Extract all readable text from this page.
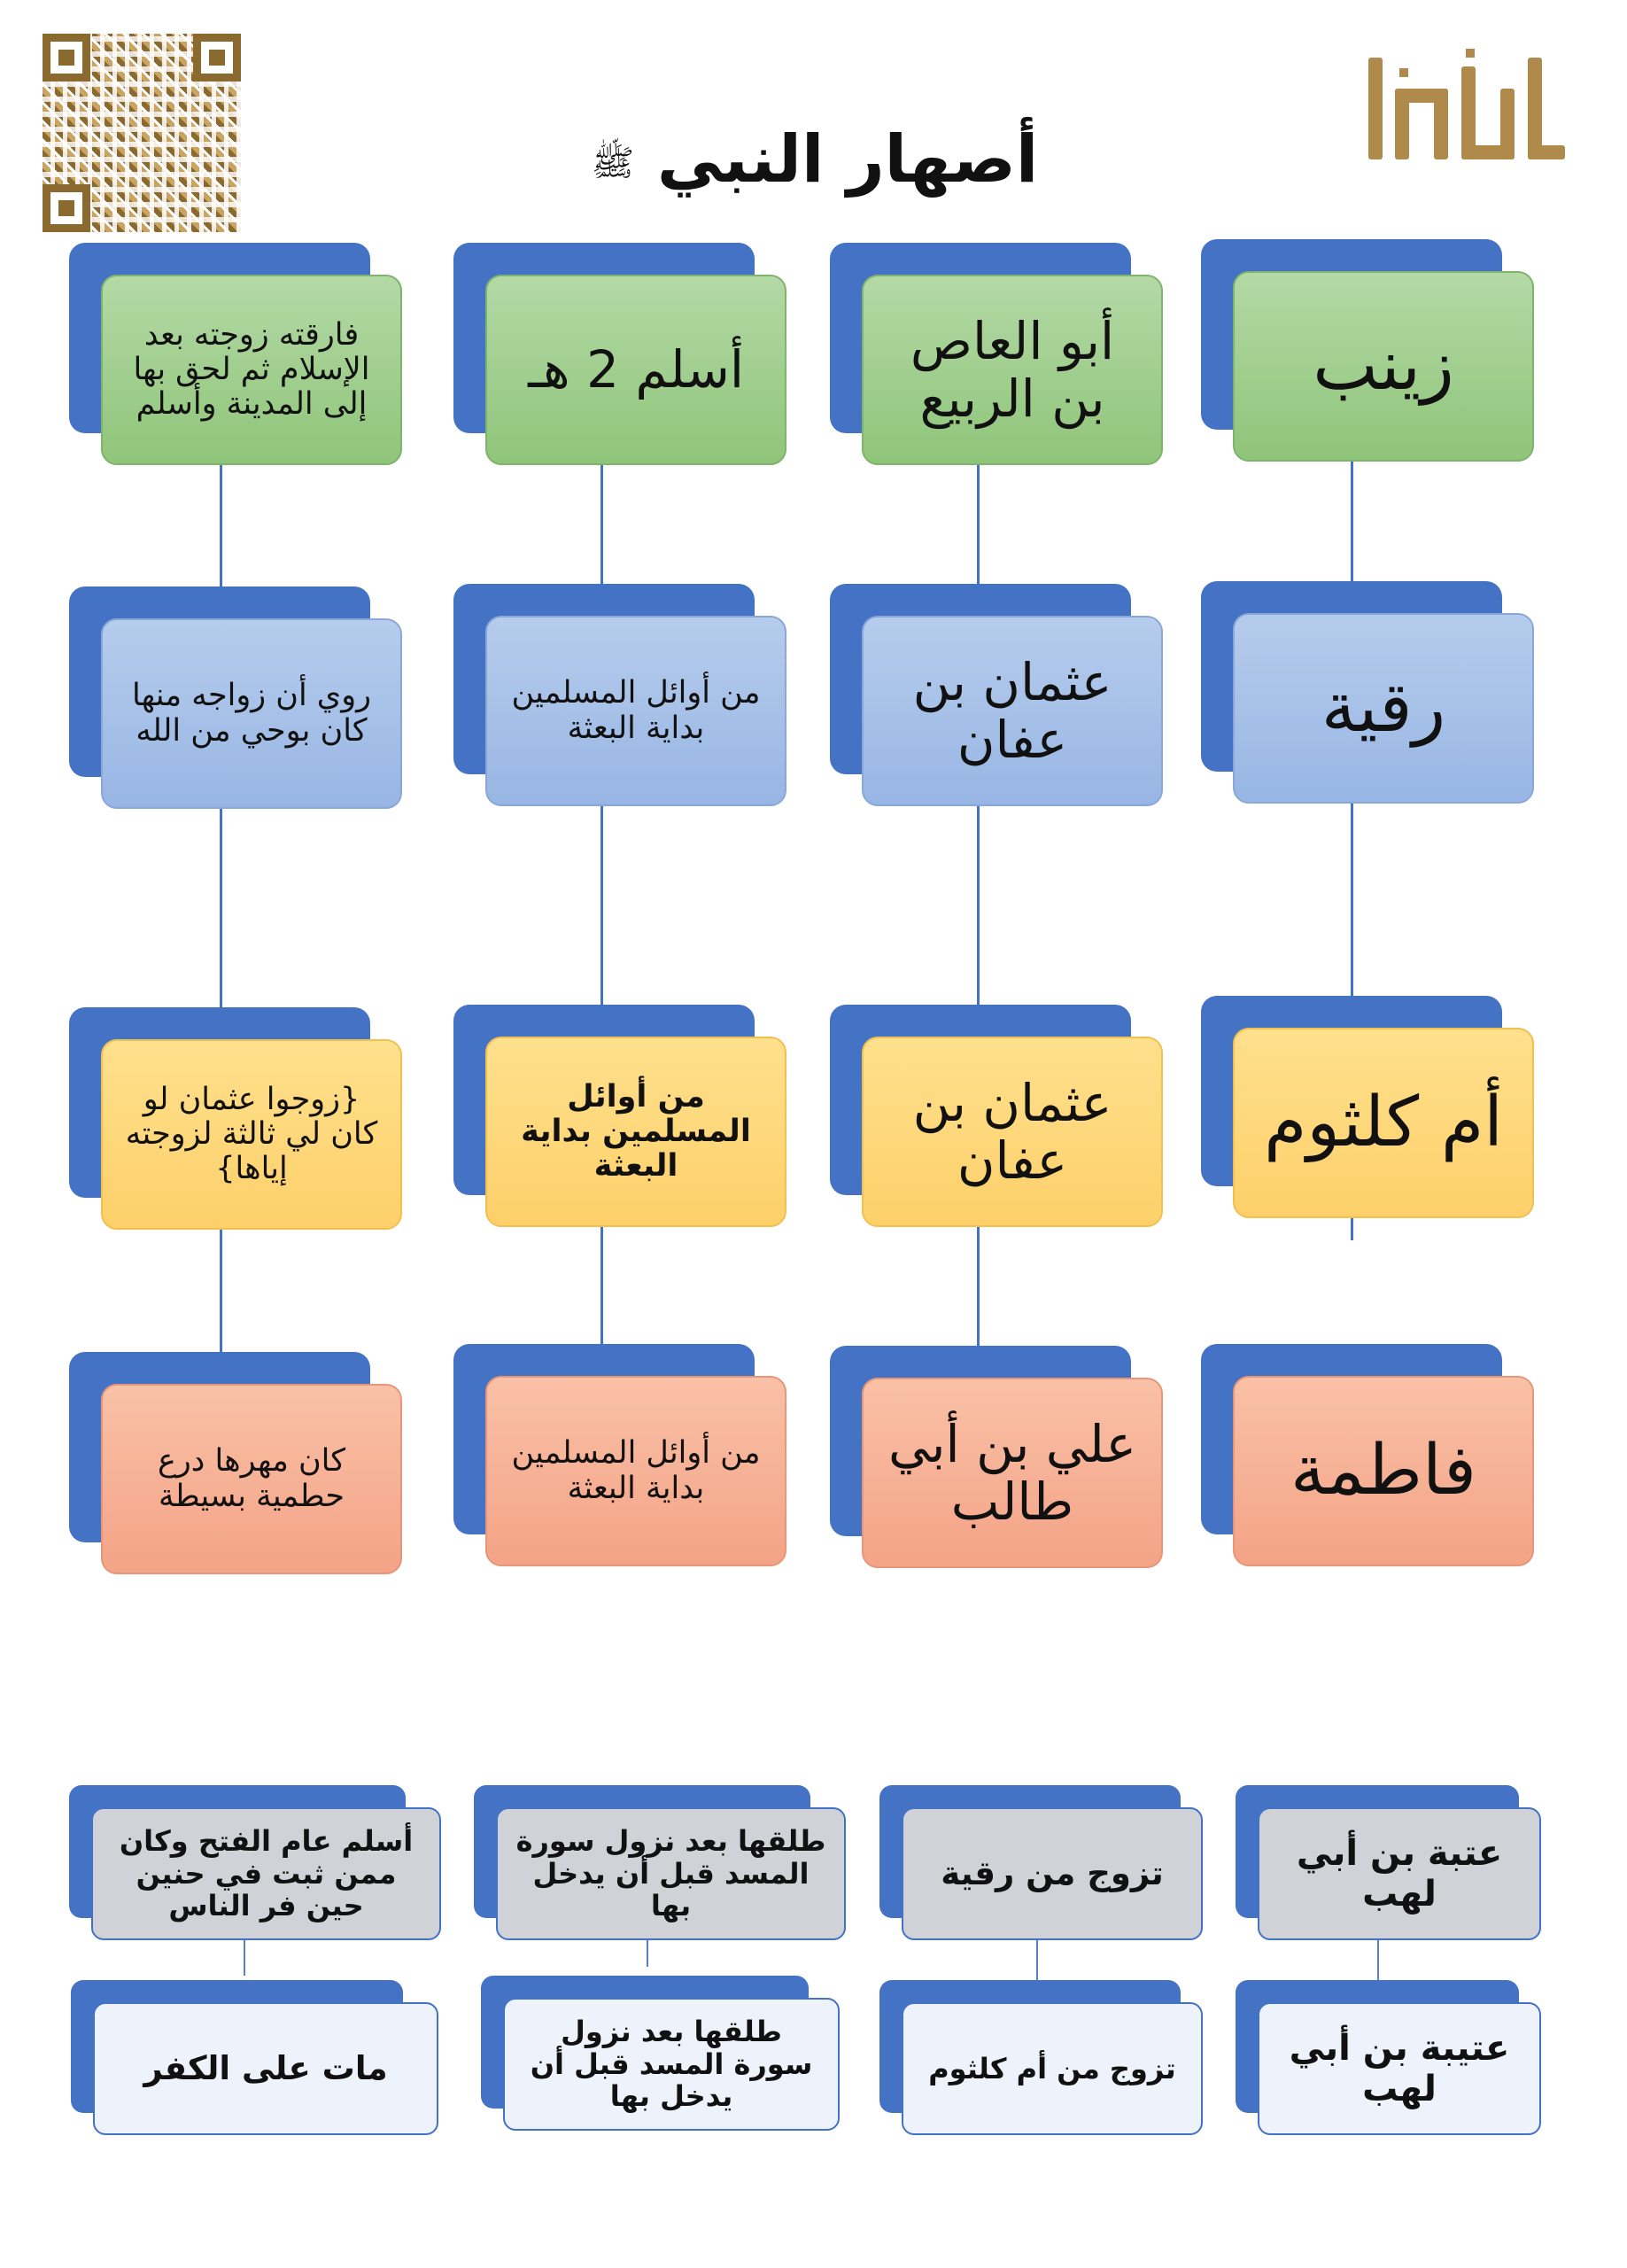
أصهار النبي ﷺ
زينب
أبو العاص بن الربيع
أسلم 2 هـ
فارقته زوجته بعد الإسلام ثم لحق بها إلى المدينة وأسلم
رقية
عثمان بن عفان
من أوائل المسلمين بداية البعثة
روي أن زواجه منها كان بوحي من الله
أم كلثوم
عثمان بن عفان
من أوائل المسلمين بداية البعثة
{زوجوا عثمان لو كان لي ثالثة لزوجته إياها}
فاطمة
علي بن أبي طالب
من أوائل المسلمين بداية البعثة
كان مهرها درع حطمية بسيطة
عتبة بن أبي لهب
تزوج من رقية
طلقها بعد نزول سورة المسد قبل أن يدخل بها
أسلم عام الفتح وكان ممن ثبت في حنين حين فر الناس
عتيبة بن أبي لهب
تزوج من أم كلثوم
طلقها بعد نزول سورة المسد قبل أن يدخل بها
مات على الكفر
